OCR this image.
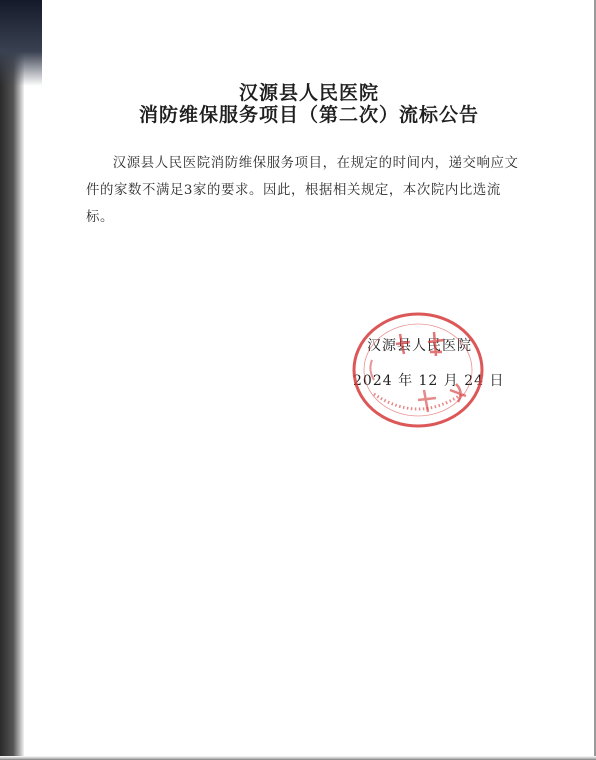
汉源县人民医院
消防维保服务项目（第二次）流标公告

汉源县人民医院消防维保服务项目，在规定的时间内，递交响应文件的家数不满足3家的要求。因此，根据相关规定，本次院内比选流标。

汉源县人民医院

2024 年 12 月 24 日
